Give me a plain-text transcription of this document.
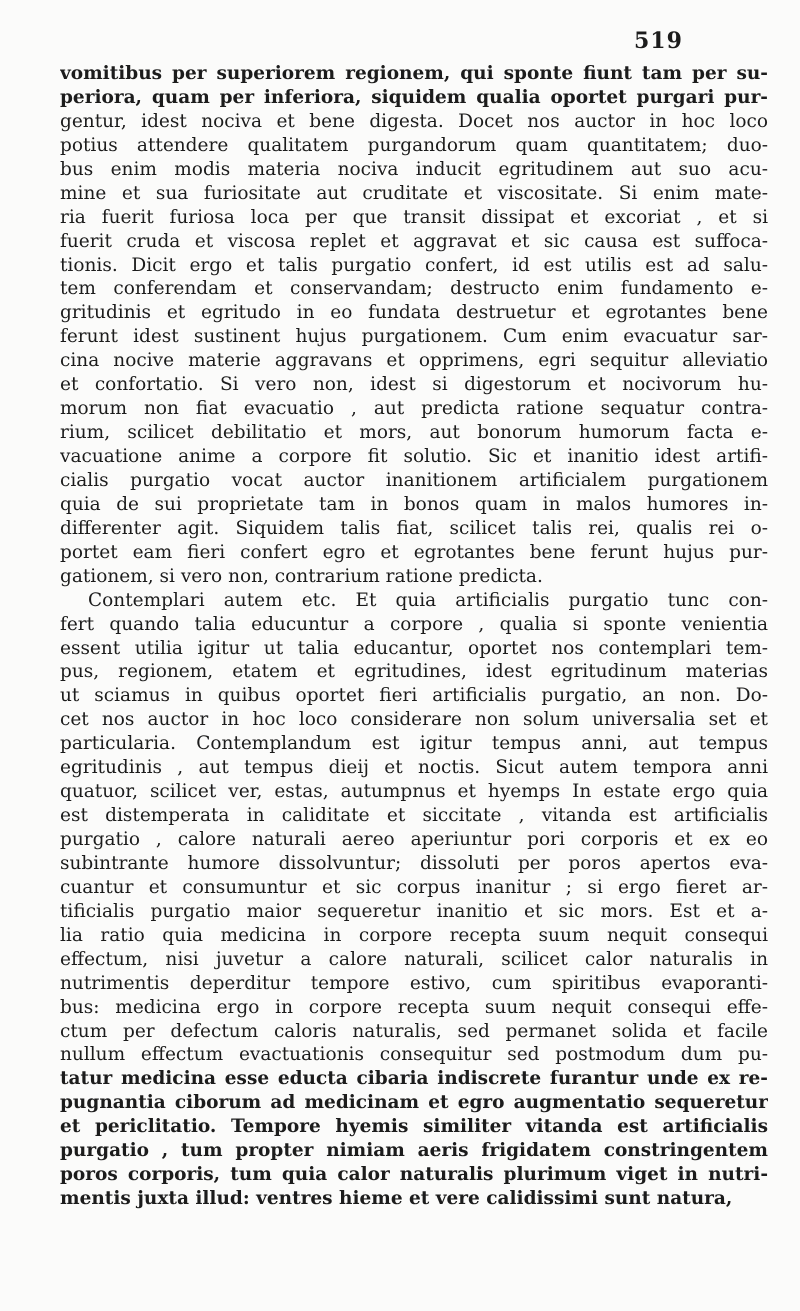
519
vomitibus per superiorem regionem, qui sponte fiunt tam per su-
periora, quam per inferiora, siquidem qualia oportet purgari pur-
gentur, idest nociva et bene digesta. Docet nos auctor in hoc loco
potius attendere qualitatem purgandorum quam quantitatem; duo-
bus enim modis materia nociva inducit egritudinem aut suo acu-
mine et sua furiositate aut cruditate et viscositate. Si enim mate-
ria fuerit furiosa loca per que transit dissipat et excoriat , et si
fuerit cruda et viscosa replet et aggravat et sic causa est suffoca-
tionis. Dicit ergo et talis purgatio confert, id est utilis est ad salu-
tem conferendam et conservandam; destructo enim fundamento e-
gritudinis et egritudo in eo fundata destruetur et egrotantes bene
ferunt idest sustinent hujus purgationem. Cum enim evacuatur sar-
cina nocive materie aggravans et opprimens, egri sequitur alleviatio
et confortatio. Si vero non, idest si digestorum et nocivorum hu-
morum non fiat evacuatio , aut predicta ratione sequatur contra-
rium, scilicet debilitatio et mors, aut bonorum humorum facta e-
vacuatione anime a corpore fit solutio. Sic et inanitio idest artifi-
cialis purgatio vocat auctor inanitionem artificialem purgationem
quia de sui proprietate tam in bonos quam in malos humores in-
differenter agit. Siquidem talis fiat, scilicet talis rei, qualis rei o-
portet eam fieri confert egro et egrotantes bene ferunt hujus pur-
gationem, si vero non, contrarium ratione predicta.
Contemplari autem etc. Et quia artificialis purgatio tunc con-
fert quando talia educuntur a corpore , qualia si sponte venientia
essent utilia igitur ut talia educantur, oportet nos contemplari tem-
pus, regionem, etatem et egritudines, idest egritudinum materias
ut sciamus in quibus oportet fieri artificialis purgatio, an non. Do-
cet nos auctor in hoc loco considerare non solum universalia set et
particularia. Contemplandum est igitur tempus anni, aut tempus
egritudinis , aut tempus dieij et noctis. Sicut autem tempora anni
quatuor, scilicet ver, estas, autumpnus et hyemps In estate ergo quia
est distemperata in caliditate et siccitate , vitanda est artificialis
purgatio , calore naturali aereo aperiuntur pori corporis et ex eo
subintrante humore dissolvuntur; dissoluti per poros apertos eva-
cuantur et consumuntur et sic corpus inanitur ; si ergo fieret ar-
tificialis purgatio maior sequeretur inanitio et sic mors. Est et a-
lia ratio quia medicina in corpore recepta suum nequit consequi
effectum, nisi juvetur a calore naturali, scilicet calor naturalis in
nutrimentis deperditur tempore estivo, cum spiritibus evaporanti-
bus: medicina ergo in corpore recepta suum nequit consequi effe-
ctum per defectum caloris naturalis, sed permanet solida et facile
nullum effectum evactuationis consequitur sed postmodum dum pu-
tatur medicina esse educta cibaria indiscrete furantur unde ex re-
pugnantia ciborum ad medicinam et egro augmentatio sequeretur
et periclitatio. Tempore hyemis similiter vitanda est artificialis
purgatio , tum propter nimiam aeris frigidatem constringentem
poros corporis, tum quia calor naturalis plurimum viget in nutri-
mentis juxta illud: ventres hieme et vere calidissimi sunt natura,
